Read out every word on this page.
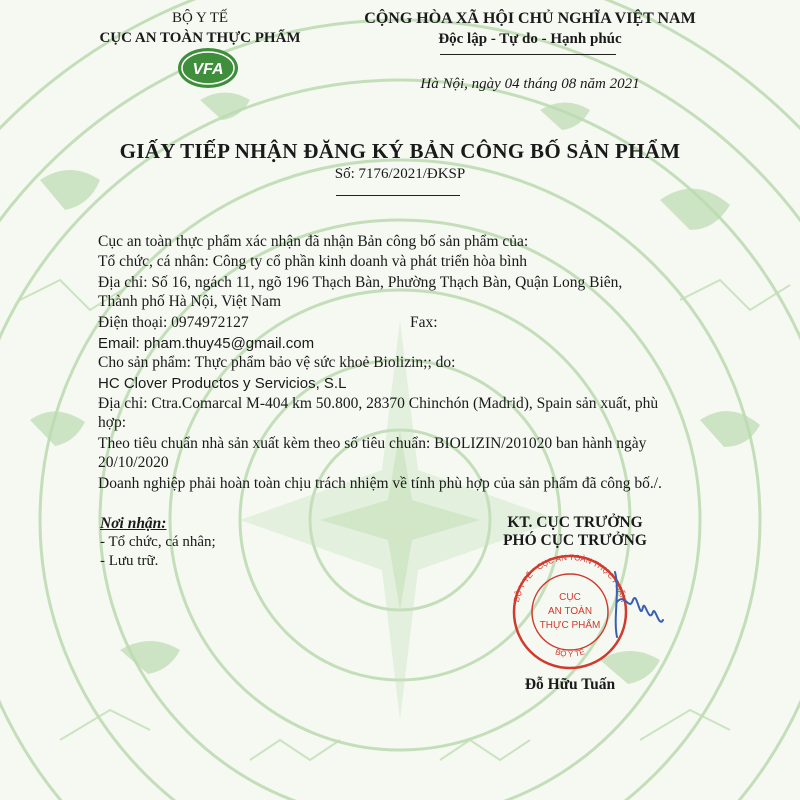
BỘ Y TẾ
CỤC AN TOÀN THỰC PHẨM
VFA
CỘNG HÒA XÃ HỘI CHỦ NGHĨA VIỆT NAM
Độc lập - Tự do - Hạnh phúc
Hà Nội, ngày 04 tháng 08 năm 2021
GIẤY TIẾP NHẬN ĐĂNG KÝ BẢN CÔNG BỐ SẢN PHẨM
Số: 7176/2021/ĐKSP
Cục an toàn thực phẩm xác nhận đã nhận Bản công bố sản phẩm của:
Tổ chức, cá nhân: Công ty cổ phần kinh doanh và phát triển hòa bình
Địa chỉ: Số 16, ngách 11, ngõ 196 Thạch Bàn, Phường Thạch Bàn, Quận Long Biên,
Thành phố Hà Nội, Việt Nam
Điện thoại: 0974972127	Fax:
Email: pham.thuy45@gmail.com
Cho sản phẩm: Thực phẩm bảo vệ sức khoẻ Biolizin;; do:
HC Clover Productos y Servicios, S.L
Địa chỉ: Ctra.Comarcal M-404 km 50.800, 28370 Chinchón (Madrid), Spain sản xuất, phù
hợp:
Theo tiêu chuẩn nhà sản xuất kèm theo số tiêu chuẩn: BIOLIZIN/201020 ban hành ngày
20/10/2020
Doanh nghiệp phải hoàn toàn chịu trách nhiệm về tính phù hợp của sản phẩm đã công bố./.
Nơi nhận:
- Tổ chức, cá nhân;
- Lưu trữ.
KT. CỤC TRƯỞNG
PHÓ CỤC TRƯỞNG
BỘ Y TẾ * CỤC AN TOÀN THỰC PHẨM
BỘ Y TẾ
CỤC
AN TOÀN
THỰC PHẨM
Đỗ Hữu Tuấn
